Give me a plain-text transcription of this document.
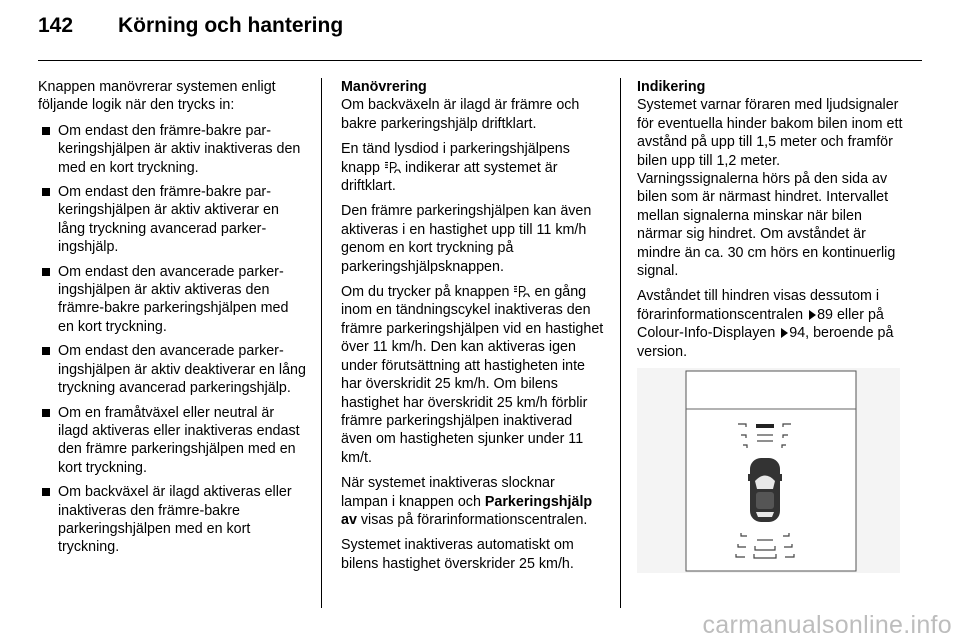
142 Körning och hantering

Knappen manövrerar systemen enligt följande logik när den trycks in:

Om endast den främre-bakre parkeringshjälpen är aktiv inaktiveras den med en kort tryckning.
Om endast den främre-bakre parkeringshjälpen är aktiv aktiverar en lång tryckning avancerad parkeringshjälp.
Om endast den avancerade parkeringshjälpen är aktiv aktiveras den främre-bakre parkeringshjälpen med en kort tryckning.
Om endast den avancerade parkeringshjälpen är aktiv deaktiverar en lång tryckning avancerad parkeringshjälp.
Om en framåtväxel eller neutral är ilagd aktiveras eller inaktiveras endast den främre parkeringshjälpen med en kort tryckning.
Om backväxel är ilagd aktiveras eller inaktiveras den främre-bakre parkeringshjälpen med en kort tryckning.

Manövrering

Om backväxeln är ilagd är främre och bakre parkeringshjälp driftklart.

En tänd lysdiod i parkeringshjälpens knapp indikerar att systemet är driftklart.

Den främre parkeringshjälpen kan även aktiveras i en hastighet upp till 11 km/h genom en kort tryckning på parkeringshjälpsknappen.

Om du trycker på knappen en gång inom en tändningscykel inaktiveras den främre parkeringshjälpen vid en hastighet över 11 km/h. Den kan aktiveras igen under förutsättning att hastigheten inte har överskridit 25 km/h. Om bilens hastighet har överskridit 25 km/h förblir främre parkeringshjälpen inaktiverad även om hastigheten sjunker under 11 km/t.

När systemet inaktiveras slocknar lampan i knappen och Parkeringshjälp av visas på förarinformationscentralen.

Systemet inaktiveras automatiskt om bilens hastighet överskrider 25 km/h.

Indikering

Systemet varnar föraren med ljudsignaler för eventuella hinder bakom bilen inom ett avstånd på upp till 1,5 meter och framför bilen upp till 1,2 meter. Varningssignalerna hörs på den sida av bilen som är närmast hindret. Intervallet mellan signalerna minskar när bilen närmar sig hindret. Om avståndet är mindre än ca. 30 cm hörs en kontinuerlig signal.

Avståndet till hindren visas dessutom i förarinformationscentralen 89 eller på Colour-Info-Displayen 94, beroende på version.

carmanualsonline.info
